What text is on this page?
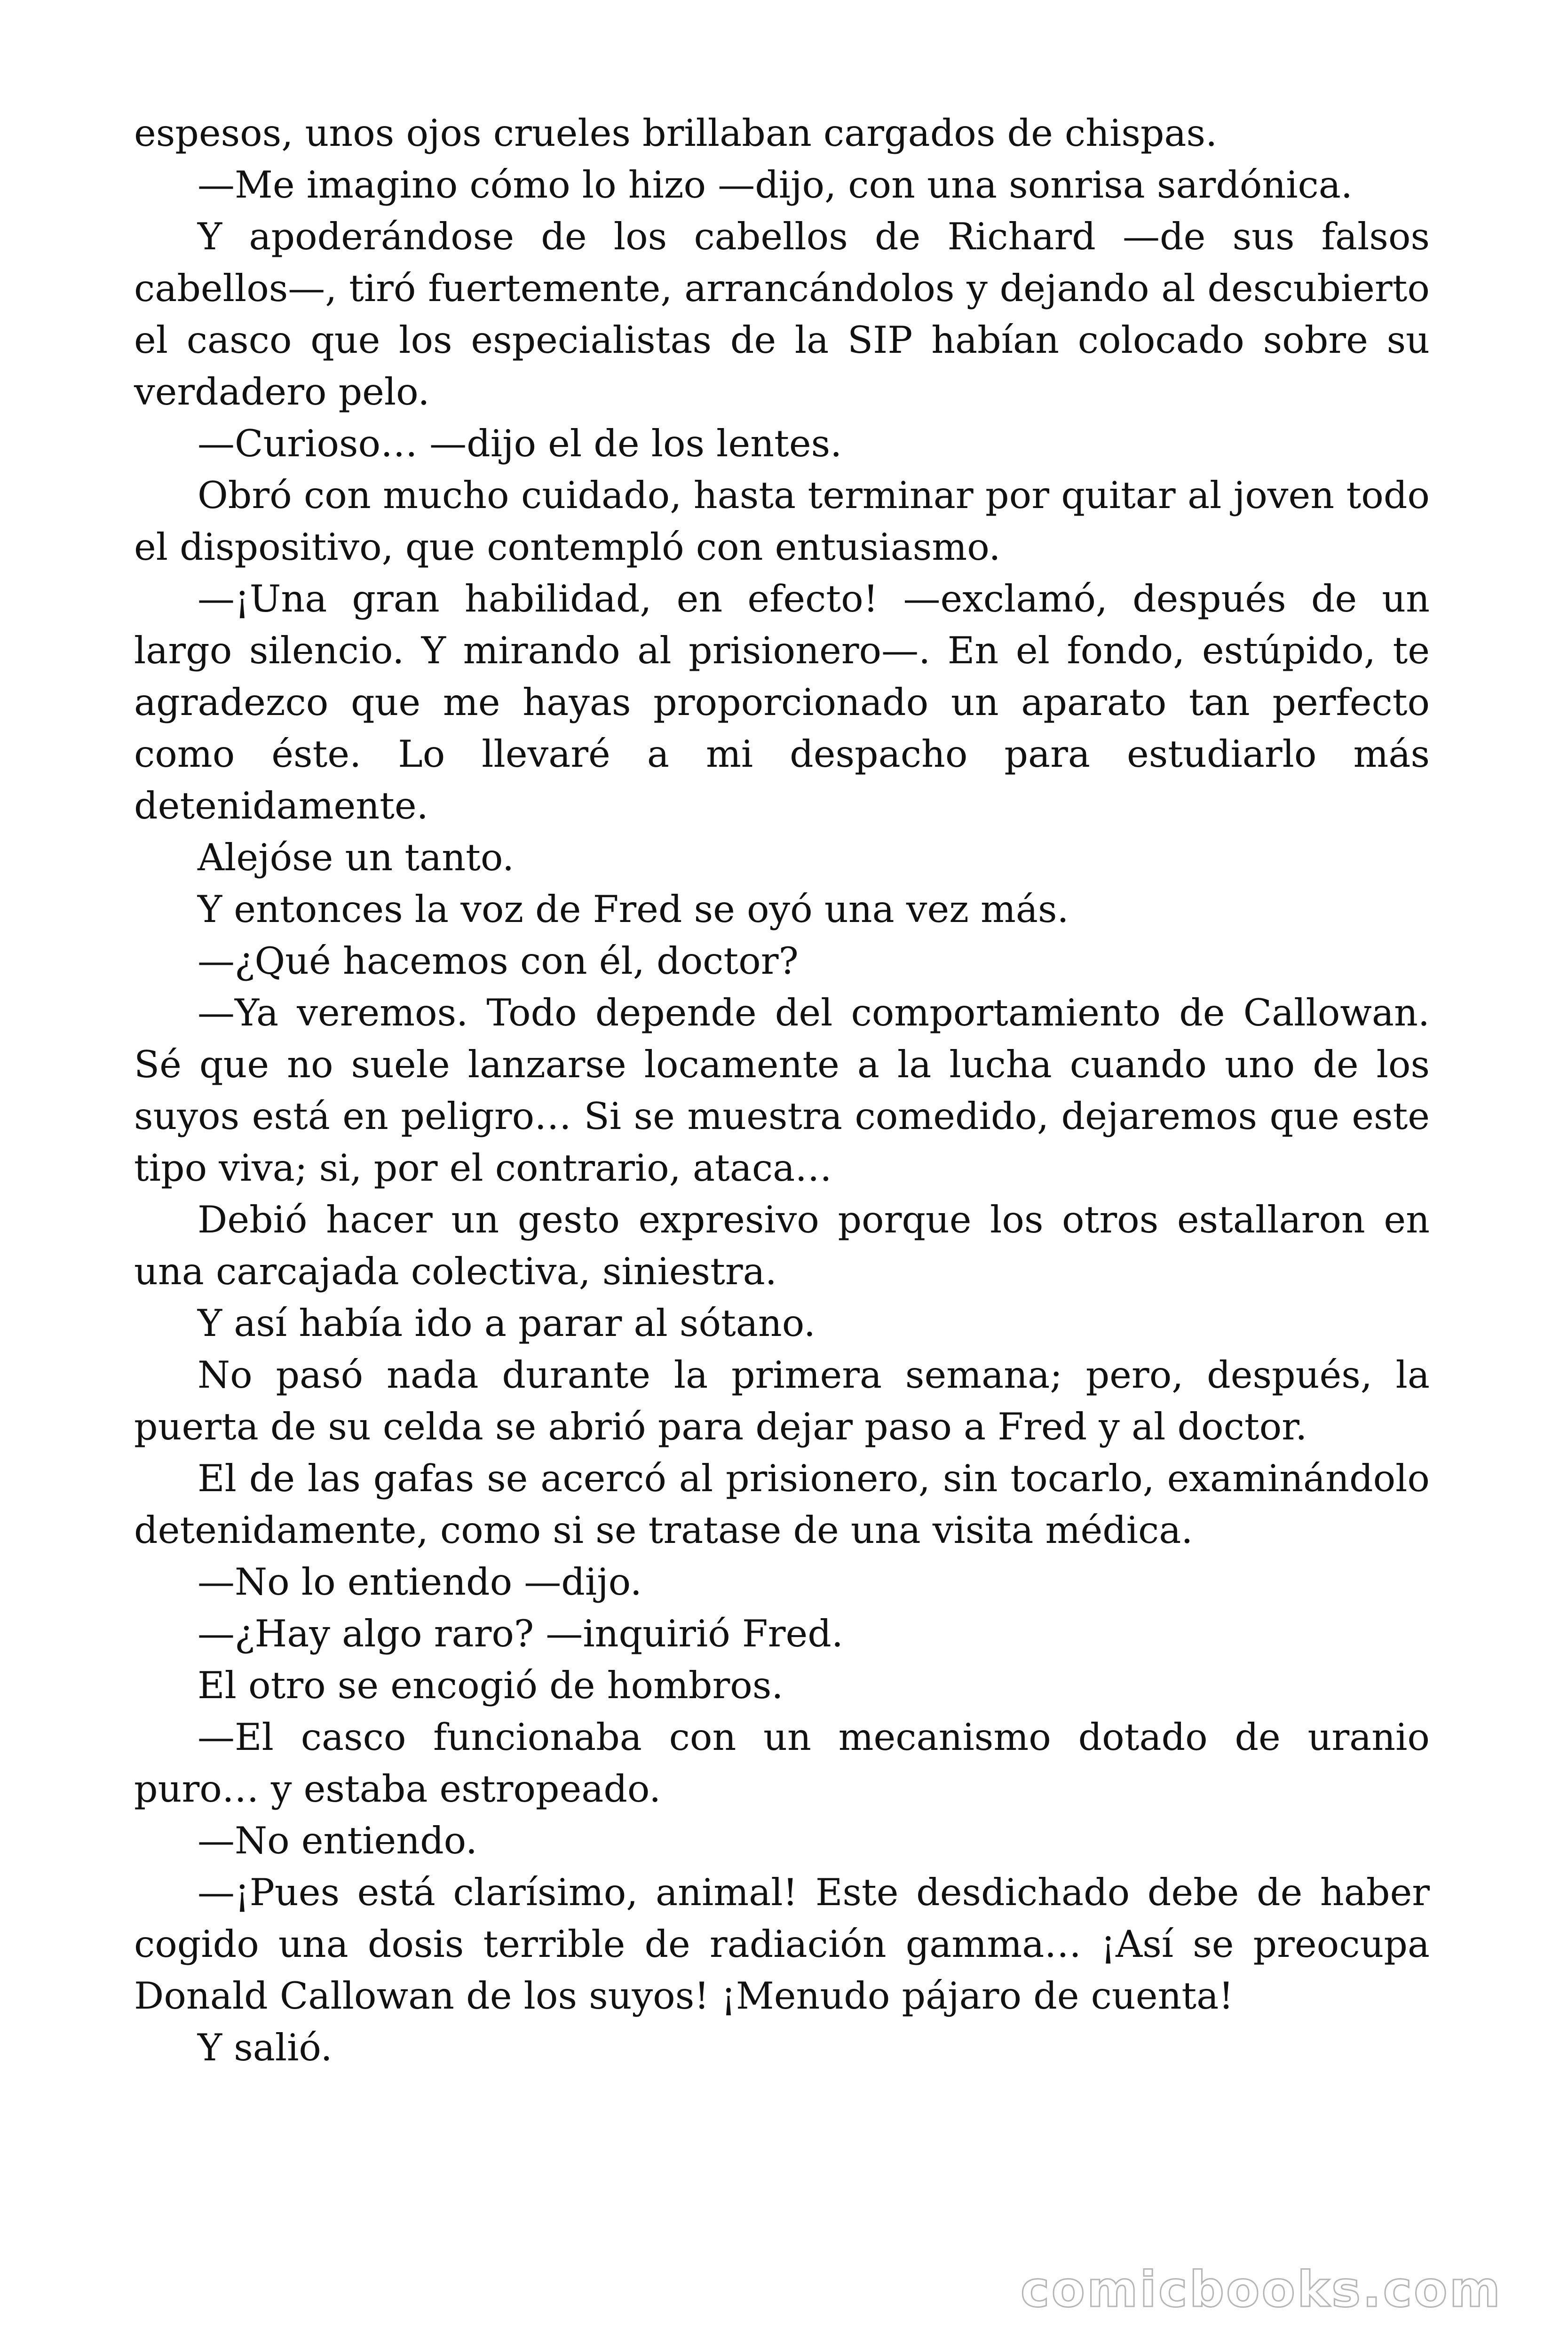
espesos, unos ojos crueles brillaban cargados de chispas.

—Me imagino cómo lo hizo —dijo, con una sonrisa sardónica.

Y apoderándose de los cabellos de Richard —de sus falsos cabellos—, tiró fuertemente, arrancándolos y dejando al descubierto el casco que los especialistas de la SIP habían colocado sobre su verdadero pelo.

—Curioso… —dijo el de los lentes.

Obró con mucho cuidado, hasta terminar por quitar al joven todo el dispositivo, que contempló con entusiasmo.

—¡Una gran habilidad, en efecto! —exclamó, después de un largo silencio. Y mirando al prisionero—. En el fondo, estúpido, te agradezco que me hayas proporcionado un aparato tan perfecto como éste. Lo llevaré a mi despacho para estudiarlo más detenidamente.

Alejóse un tanto.

Y entonces la voz de Fred se oyó una vez más.

—¿Qué hacemos con él, doctor?

—Ya veremos. Todo depende del comportamiento de Callowan. Sé que no suele lanzarse locamente a la lucha cuando uno de los suyos está en peligro… Si se muestra comedido, dejaremos que este tipo viva; si, por el contrario, ataca…

Debió hacer un gesto expresivo porque los otros estallaron en una carcajada colectiva, siniestra.

Y así había ido a parar al sótano.

No pasó nada durante la primera semana; pero, después, la puerta de su celda se abrió para dejar paso a Fred y al doctor.

El de las gafas se acercó al prisionero, sin tocarlo, examinándolo detenidamente, como si se tratase de una visita médica.

—No lo entiendo —dijo.

—¿Hay algo raro? —inquirió Fred.

El otro se encogió de hombros.

—El casco funcionaba con un mecanismo dotado de uranio puro… y estaba estropeado.

—No entiendo.

—¡Pues está clarísimo, animal! Este desdichado debe de haber cogido una dosis terrible de radiación gamma… ¡Así se preocupa Donald Callowan de los suyos! ¡Menudo pájaro de cuenta!

Y salió.

comicbooks.com
